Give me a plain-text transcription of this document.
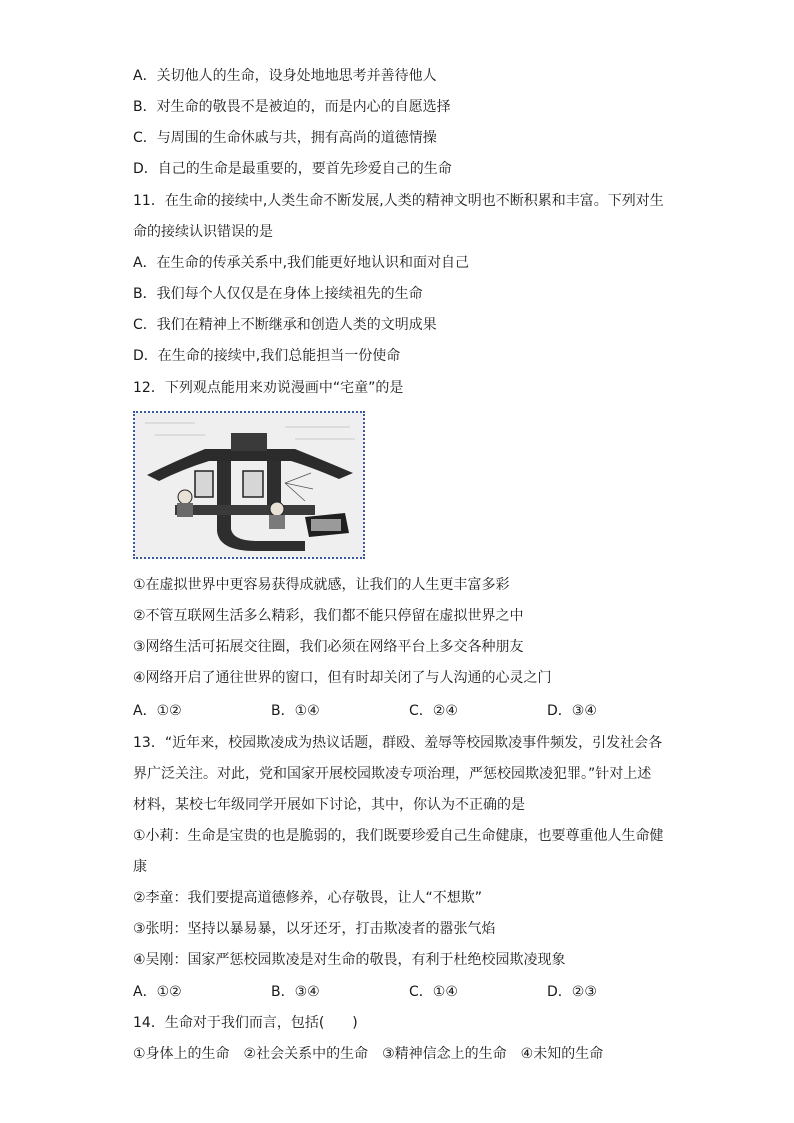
A．关切他人的生命，设身处地地思考并善待他人
B．对生命的敬畏不是被迫的，而是内心的自愿选择
C．与周围的生命休戚与共，拥有高尚的道德情操
D．自己的生命是最重要的，要首先珍爱自己的生命
11．在生命的接续中,人类生命不断发展,人类的精神文明也不断积累和丰富。下列对生
命的接续认识错误的是
A．在生命的传承关系中,我们能更好地认识和面对自己
B．我们每个人仅仅是在身体上接续祖先的生命
C．我们在精神上不断继承和创造人类的文明成果
D．在生命的接续中,我们总能担当一份使命
12．下列观点能用来劝说漫画中“宅童”的是
①在虚拟世界中更容易获得成就感，让我们的人生更丰富多彩
②不管互联网生活多么精彩，我们都不能只停留在虚拟世界之中
③网络生活可拓展交往圈，我们必须在网络平台上多交各种朋友
④网络开启了通往世界的窗口，但有时却关闭了与人沟通的心灵之门
A．①②	B．①④	C．②④	D．③④
13．“近年来，校园欺凌成为热议话题，群殴、羞辱等校园欺凌事件频发，引发社会各
界广泛关注。对此，党和国家开展校园欺凌专项治理，严惩校园欺凌犯罪。”针对上述
材料，某校七年级同学开展如下讨论，其中，你认为不正确的是
①小莉：生命是宝贵的也是脆弱的，我们既要珍爱自己生命健康，也要尊重他人生命健
康
②李童：我们要提高道德修养，心存敬畏，让人“不想欺”
③张明：坚持以暴易暴，以牙还牙，打击欺凌者的嚣张气焰
④吴刚：国家严惩校园欺凌是对生命的敬畏，有利于杜绝校园欺凌现象
A．①②	B．③④	C．①④	D．②③
14．生命对于我们而言，包括(　　)
①身体上的生命　②社会关系中的生命　③精神信念上的生命　④未知的生命
